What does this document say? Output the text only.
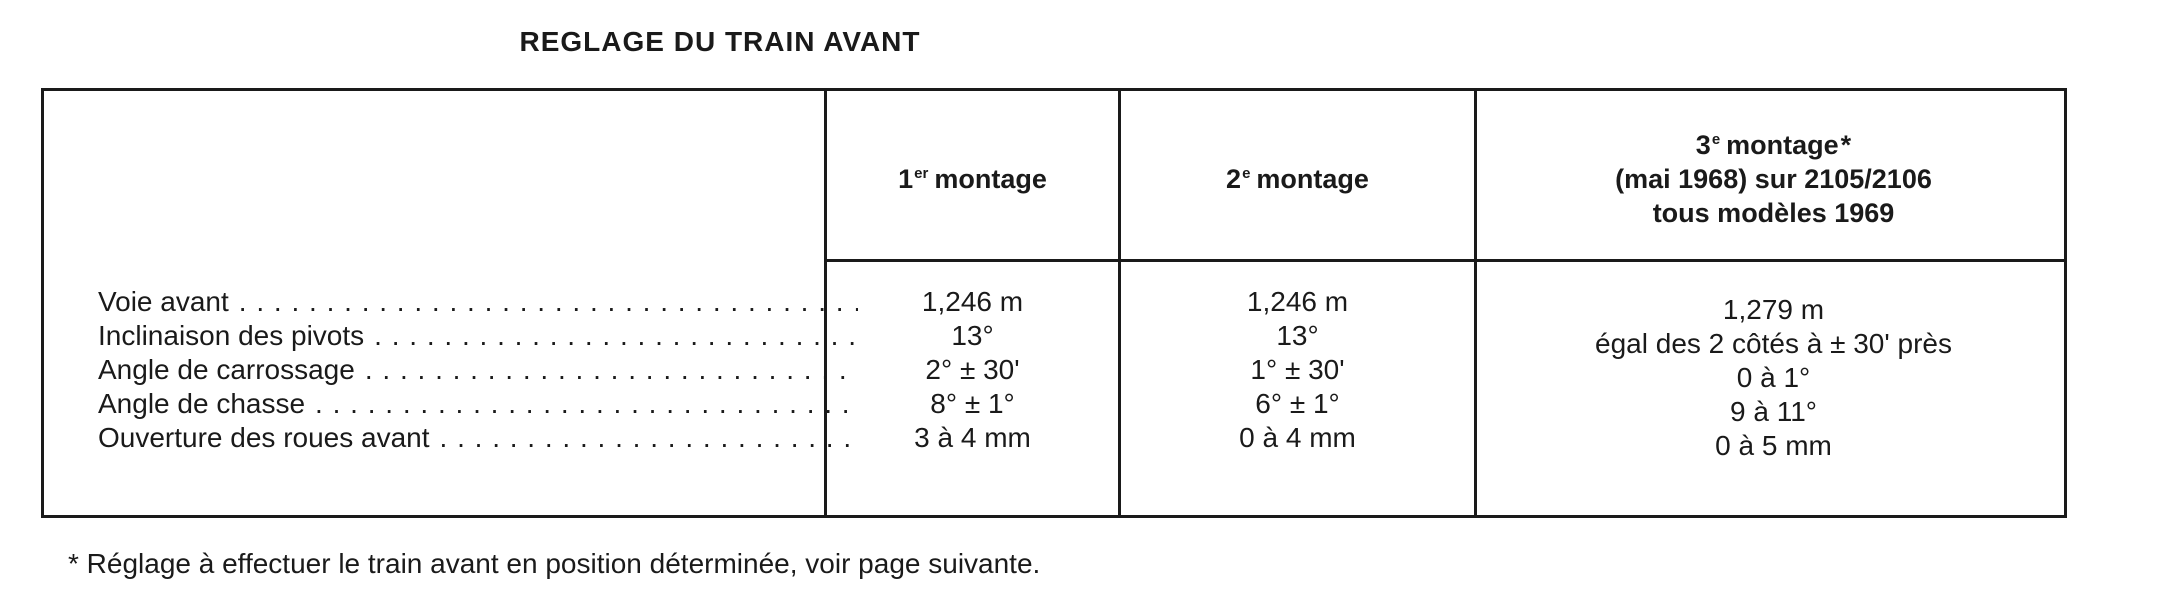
REGLAGE DU TRAIN AVANT
1er montage	2e montage
3e montage*
(mai 1968) sur 2105/2106
tous modèles 1969
Voie avant
. . .
Inclinaison des pivots
. . .
Angle de carrossage
. . .
Angle de chasse
. . .
Ouverture des roues avant
. . .
1,246 m
13°
2° ± 30'
8° ± 1°
3 à 4 mm
1,246 m
13°
1° ± 30'
6° ± 1°
0 à 4 mm
1,279 m
égal des 2 côtés à ± 30' près
0 à 1°
9 à 11°
0 à 5 mm
* Réglage à effectuer le train avant en position déterminée, voir page suivante.
